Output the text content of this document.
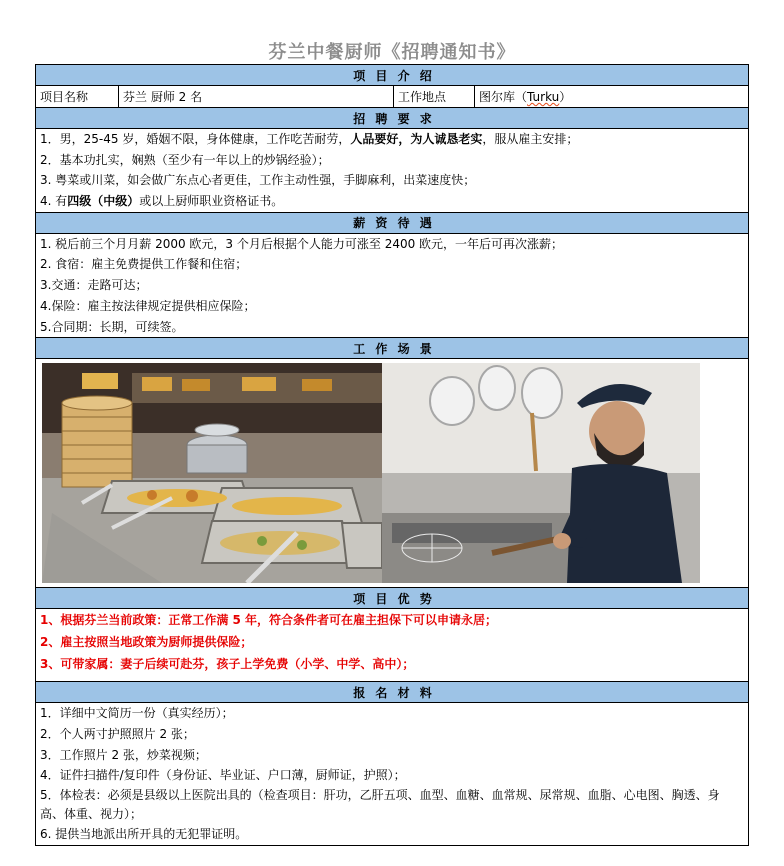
芬兰中餐厨师《招聘通知书》
项 目 介 绍
项目名称	芬兰 厨师 2 名	工作地点	图尔库（Turku）
招 聘 要 求

1．男，25-45 岁，婚姻不限，身体健康，工作吃苦耐劳，人品要好，为人诚恳老实，服从雇主安排；
2．基本功扎实，娴熟（至少有一年以上的炒锅经验）；
3. 粤菜或川菜，如会做广东点心者更佳，工作主动性强，手脚麻利，出菜速度快；
4. 有四级（中级）或以上厨师职业资格证书。

薪 资 待 遇

1. 税后前三个月月薪 2000 欧元，3 个月后根据个人能力可涨至 2400 欧元，一年后可再次涨薪；
2. 食宿：雇主免费提供工作餐和住宿；
3.交通：走路可达；
4.保险：雇主按法律规定提供相应保险；
5.合同期：长期，可续签。

工 作 场 景

项 目 优 势

1、根据芬兰当前政策：正常工作满 5 年，符合条件者可在雇主担保下可以申请永居；
2、雇主按照当地政策为厨师提供保险；
3、可带家属：妻子后续可赴芬，孩子上学免费（小学、中学、高中）；

报 名 材 料

1．详细中文简历一份（真实经历）；
2．个人两寸护照照片 2 张；
3．工作照片 2 张，炒菜视频；
4．证件扫描件/复印件（身份证、毕业证、户口薄，厨师证，护照）；
5．体检表：必须是县级以上医院出具的（检查项目：肝功，乙肝五项、血型、血糖、血常规、尿常规、血脂、心电图、胸透、身高、体重、视力）；
6. 提供当地派出所开具的无犯罪证明。
